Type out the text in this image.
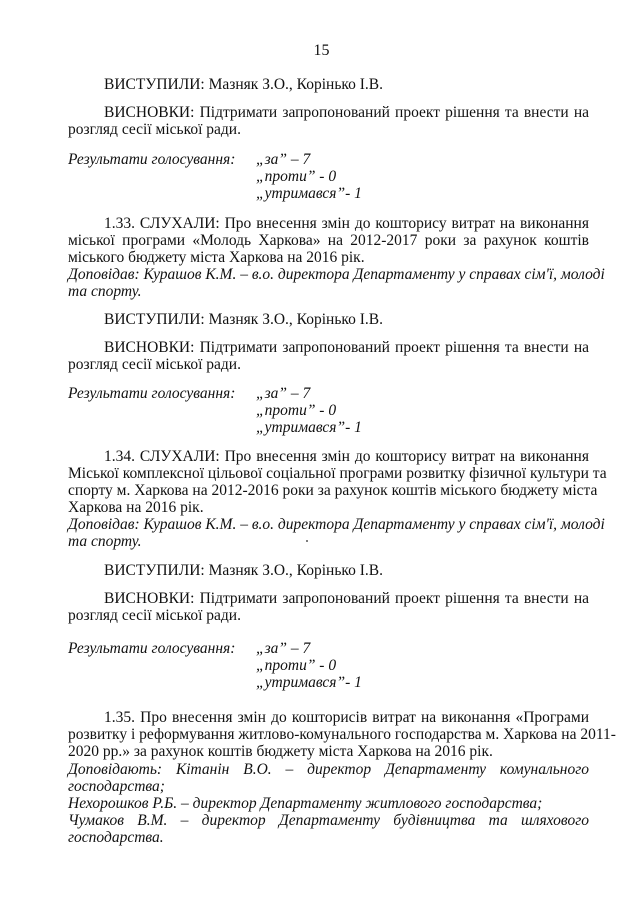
15
ВИСТУПИЛИ: Мазняк З.О., Корінько І.В.
ВИСНОВКИ: Підтримати запропонований проект рішення та внести на
розгляд сесії міської ради.
Результати голосування: „за” – 7
„проти” - 0
„утримався”- 1
1.33. СЛУХАЛИ: Про внесення змін до кошторису витрат на виконання
міської програми «Молодь Харкова» на 2012-2017 роки за рахунок коштів
міського бюджету міста Харкова на 2016 рік.
Доповідав: Курашов К.М. – в.о. директора Департаменту у справах сім'ї, молоді
та спорту.
ВИСТУПИЛИ: Мазняк З.О., Корінько І.В.
ВИСНОВКИ: Підтримати запропонований проект рішення та внести на
розгляд сесії міської ради.
Результати голосування: „за” – 7
„проти” - 0
„утримався”- 1
1.34. СЛУХАЛИ: Про внесення змін до кошторису витрат на виконання
Міської комплексної цільової соціальної програми розвитку фізичної культури та
спорту м. Харкова на 2012-2016 роки за рахунок коштів міського бюджету міста
Харкова на 2016 рік.
Доповідав: Курашов К.М. – в.о. директора Департаменту у справах сім'ї, молоді
та спорту.
ВИСТУПИЛИ: Мазняк З.О., Корінько І.В.
ВИСНОВКИ: Підтримати запропонований проект рішення та внести на
розгляд сесії міської ради.
Результати голосування: „за” – 7
„проти” - 0
„утримався”- 1
1.35. Про внесення змін до кошторисів витрат на виконання «Програми
розвитку і реформування житлово-комунального господарства м. Харкова на 2011-
2020 рр.» за рахунок коштів бюджету міста Харкова на 2016 рік.
Доповідають: Кітанін В.О. – директор Департаменту комунального
господарства;
Нехорошков Р.Б. – директор Департаменту житлового господарства;
Чумаков В.М. – директор Департаменту будівництва та шляхового
господарства.
